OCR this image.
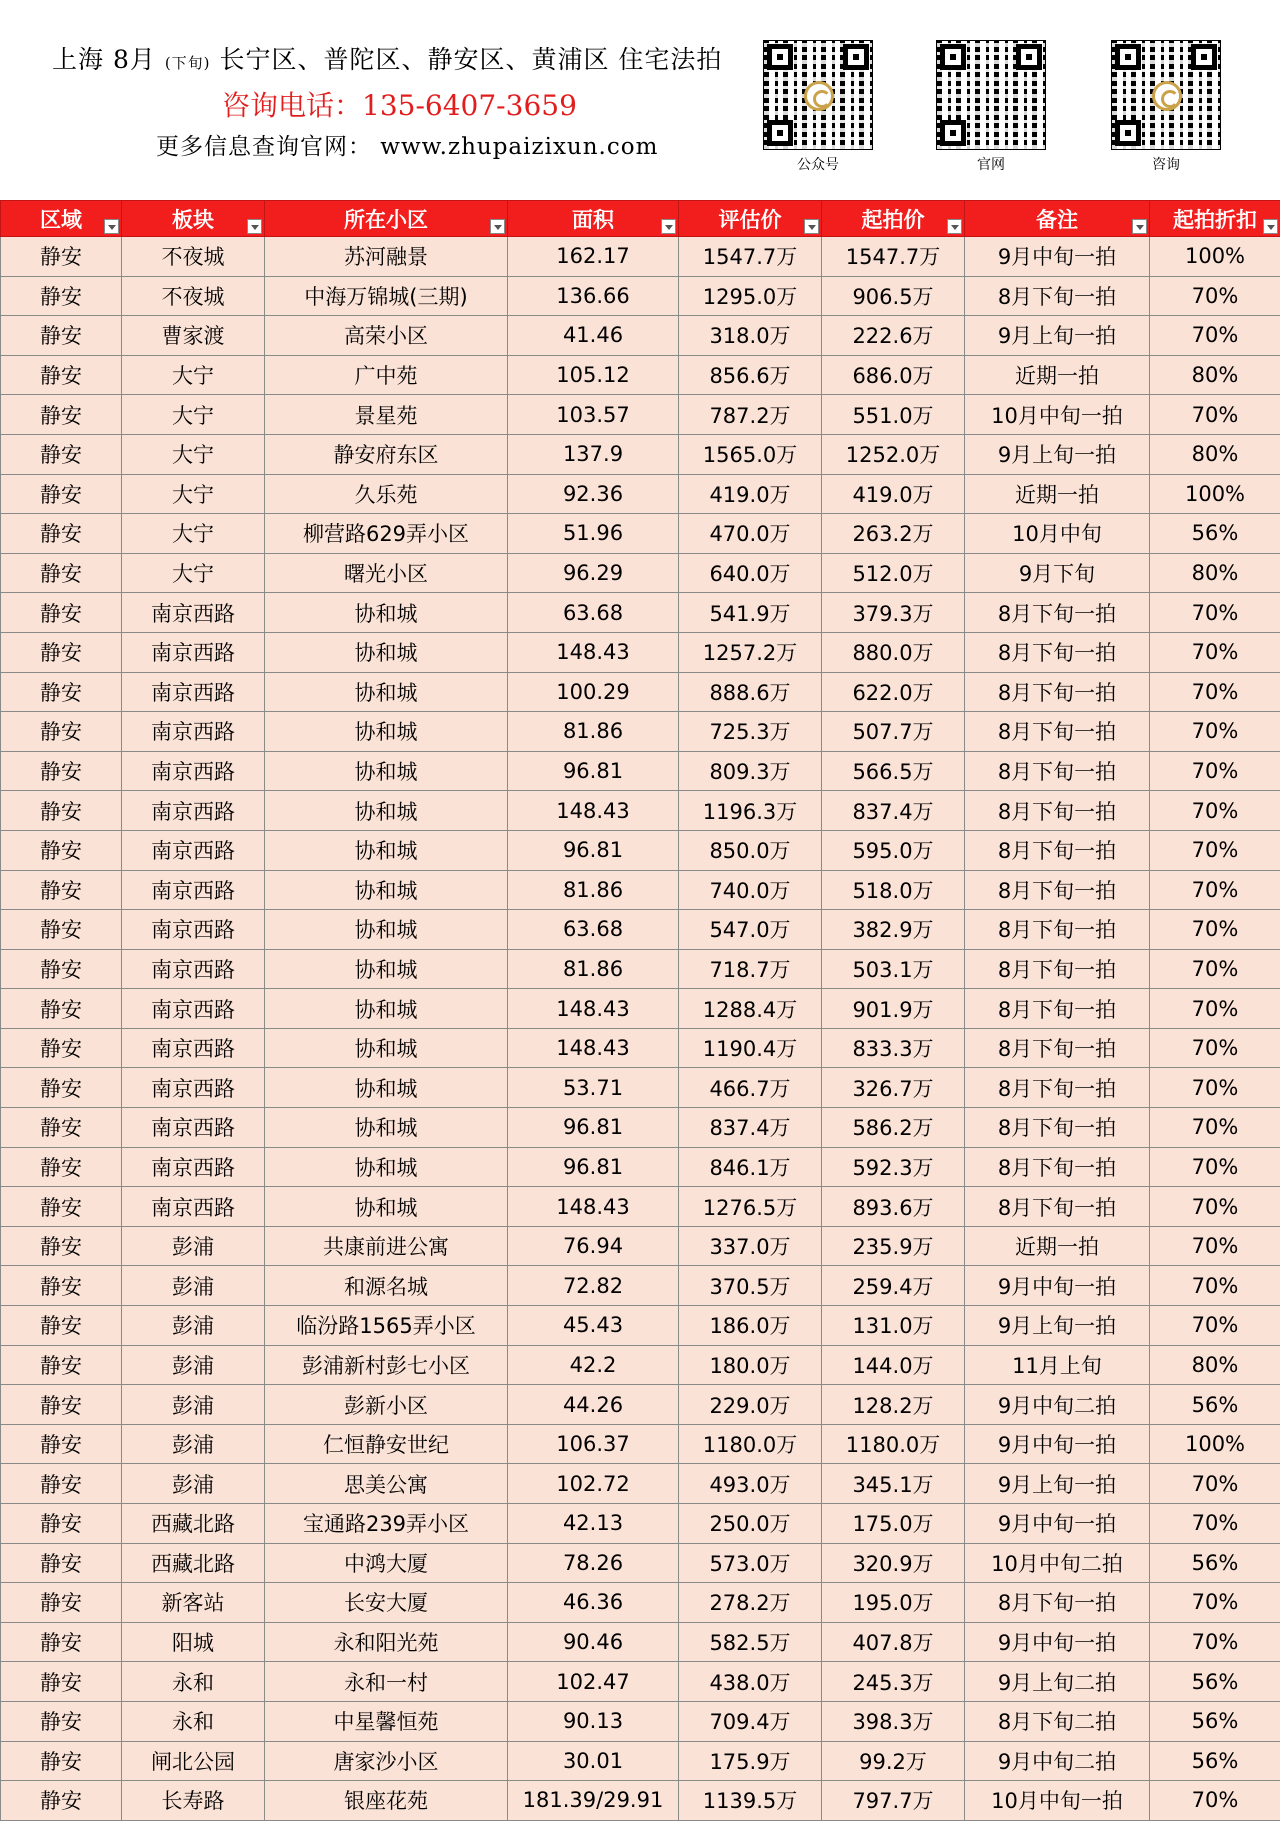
上海 8月 (下旬) 长宁区、普陀区、静安区、黄浦区 住宅法拍
咨询电话：135-6407-3659
更多信息查询官网： www.zhupaizixun.com
公众号	官网	咨询
区域	板块	所在小区	面积	评估价	起拍价	备注	起拍折扣

静安	不夜城	苏河融景	162.17	1547.7万	1547.7万	9月中旬一拍	100%
静安	不夜城	中海万锦城(三期)	136.66	1295.0万	906.5万	8月下旬一拍	70%
静安	曹家渡	高荣小区	41.46	318.0万	222.6万	9月上旬一拍	70%
静安	大宁	广中苑	105.12	856.6万	686.0万	近期一拍	80%
静安	大宁	景星苑	103.57	787.2万	551.0万	10月中旬一拍	70%
静安	大宁	静安府东区	137.9	1565.0万	1252.0万	9月上旬一拍	80%
静安	大宁	久乐苑	92.36	419.0万	419.0万	近期一拍	100%
静安	大宁	柳营路629弄小区	51.96	470.0万	263.2万	10月中旬	56%
静安	大宁	曙光小区	96.29	640.0万	512.0万	9月下旬	80%
静安	南京西路	协和城	63.68	541.9万	379.3万	8月下旬一拍	70%
静安	南京西路	协和城	148.43	1257.2万	880.0万	8月下旬一拍	70%
静安	南京西路	协和城	100.29	888.6万	622.0万	8月下旬一拍	70%
静安	南京西路	协和城	81.86	725.3万	507.7万	8月下旬一拍	70%
静安	南京西路	协和城	96.81	809.3万	566.5万	8月下旬一拍	70%
静安	南京西路	协和城	148.43	1196.3万	837.4万	8月下旬一拍	70%
静安	南京西路	协和城	96.81	850.0万	595.0万	8月下旬一拍	70%
静安	南京西路	协和城	81.86	740.0万	518.0万	8月下旬一拍	70%
静安	南京西路	协和城	63.68	547.0万	382.9万	8月下旬一拍	70%
静安	南京西路	协和城	81.86	718.7万	503.1万	8月下旬一拍	70%
静安	南京西路	协和城	148.43	1288.4万	901.9万	8月下旬一拍	70%
静安	南京西路	协和城	148.43	1190.4万	833.3万	8月下旬一拍	70%
静安	南京西路	协和城	53.71	466.7万	326.7万	8月下旬一拍	70%
静安	南京西路	协和城	96.81	837.4万	586.2万	8月下旬一拍	70%
静安	南京西路	协和城	96.81	846.1万	592.3万	8月下旬一拍	70%
静安	南京西路	协和城	148.43	1276.5万	893.6万	8月下旬一拍	70%
静安	彭浦	共康前进公寓	76.94	337.0万	235.9万	近期一拍	70%
静安	彭浦	和源名城	72.82	370.5万	259.4万	9月中旬一拍	70%
静安	彭浦	临汾路1565弄小区	45.43	186.0万	131.0万	9月上旬一拍	70%
静安	彭浦	彭浦新村彭七小区	42.2	180.0万	144.0万	11月上旬	80%
静安	彭浦	彭新小区	44.26	229.0万	128.2万	9月中旬二拍	56%
静安	彭浦	仁恒静安世纪	106.37	1180.0万	1180.0万	9月中旬一拍	100%
静安	彭浦	思美公寓	102.72	493.0万	345.1万	9月上旬一拍	70%
静安	西藏北路	宝通路239弄小区	42.13	250.0万	175.0万	9月中旬一拍	70%
静安	西藏北路	中鸿大厦	78.26	573.0万	320.9万	10月中旬二拍	56%
静安	新客站	长安大厦	46.36	278.2万	195.0万	8月下旬一拍	70%
静安	阳城	永和阳光苑	90.46	582.5万	407.8万	9月中旬一拍	70%
静安	永和	永和一村	102.47	438.0万	245.3万	9月上旬二拍	56%
静安	永和	中星馨恒苑	90.13	709.4万	398.3万	8月下旬二拍	56%
静安	闸北公园	唐家沙小区	30.01	175.9万	99.2万	9月中旬二拍	56%
静安	长寿路	银座花苑	181.39/29.91	1139.5万	797.7万	10月中旬一拍	70%
